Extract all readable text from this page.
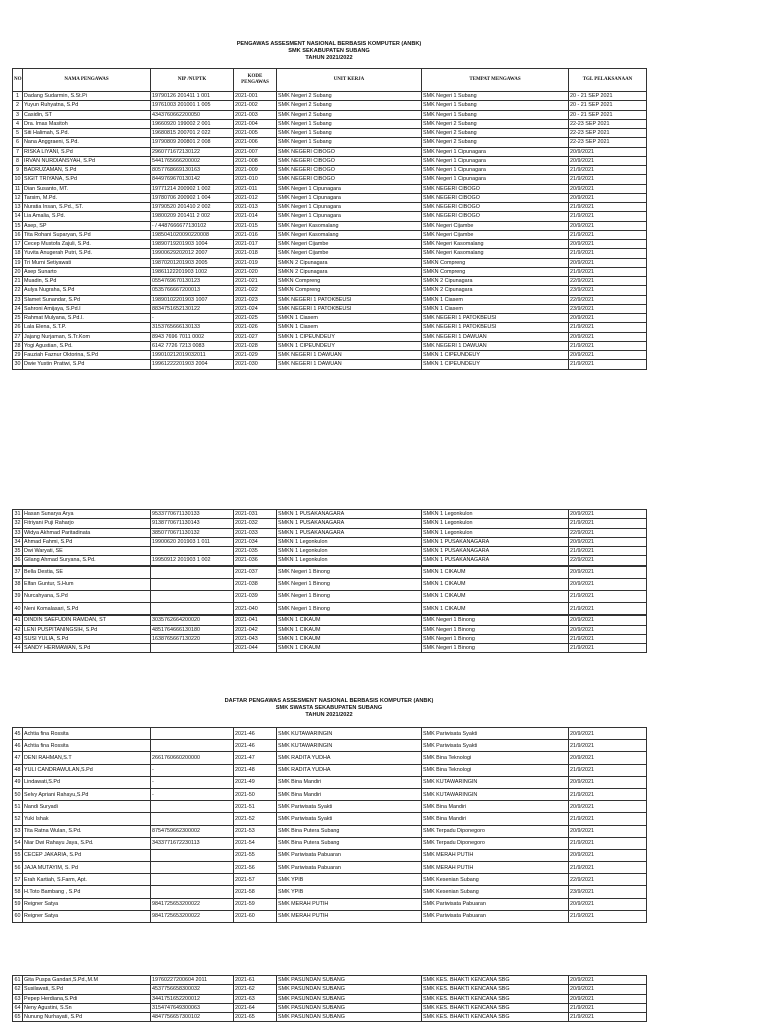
PENGAWAS ASSESMENT NASIONAL BERBASIS KOMPUTER (ANBK)
SMK SEKABUPATEN SUBANG
TAHUN 2021/2022
NO	NAMA PENGAWAS	NIP /NUPTK	KODE PENGAWAS	UNIT KERJA	TEMPAT MENGAWAS	TGL PELAKSANAAN
1	Dadang Sudarmin, S.St.Pi	19790126 201411 1 001	2021-001	SMK Negeri 2 Subang	SMK Negeri 1 Subang	20 - 21 SEP 2021
2	Yuyun Ruhyatna, S.Pd	19761003 201001 1 005	2021-002	SMK Negeri 2 Subang	SMK Negeri 1 Subang	20 - 21 SEP 2021
3	Casidin, ST	4343760662200050	2021-003	SMK Negeri 2 Subang	SMK Negeri 1 Subang	20 - 21 SEP 2021
4	Dra. Imas Masitoh	19660920 199002 2 001	2021-004	SMK Negeri 1 Subang	SMK Negeri 2 Subang	22-23 SEP 2021
5	Siti Halimah, S.Pd.	19680815 200701 2 022	2021-005	SMK Negeri 1 Subang	SMK Negeri 2 Subang	22-23 SEP 2021
6	Nana Anggraeni, S.Pd.	19790809 200801 2 008	2021-006	SMK Negeri 1 Subang	SMK Negeri 2 Subang	22-23 SEP 2021
7	RISKA LIYANI, S.Pd	2960771672130122	2021-007	SMK NEGERI CIBOGO	SMK Negeri 1 Cipunagara	20/9/2021
8	IRVAN NURDIANSYAH, S.Pd	5441765666200002	2021-008	SMK NEGERI CIBOGO	SMK Negeri 1 Cipunagara	20/9/2021
9	BADRUZAMAN, S.Pd	8057768669130163	2021-009	SMK NEGERI CIBOGO	SMK Negeri 1 Cipunagara	21/9/2021
10	SIGIT TRIYANA, S.Pd	8449769670130142	2021-010	SMK NEGERI CIBOGO	SMK Negeri 1 Cipunagara	21/9/2021
11	Dian Susanto, MT.	19771214 200902 1 002	2021-011	SMK Negeri 1 Cipunagara	SMK NEGERI CIBOGO	20/9/2021
12	Tarsim, M.Pd.	19780706 200902 1 004	2021-012	SMK Negeri 1 Cipunagara	SMK NEGERI CIBOGO	20/9/2021
13	Nuratia Insan, S.Pd., ST.	19790520 201410 2 002	2021-013	SMK Negeri 1 Cipunagara	SMK NEGERI CIBOGO	21/9/2021
14	Lia Amalia, S.Pd.	19800209 201411 2 002	2021-014	SMK Negeri 1 Cipunagara	SMK NEGERI CIBOGO	21/9/2021
15	Asep, SP	- / 4487666677130102	2021-015	SMK Negeri Kasomalang	SMK Negeri Cijambe	20/9/2021
16	Tita Rohani Suparyan, S.Pd	1985041020090220008	2021-016	SMK Negeri Kasomalang	SMK Negeri Cijambe	21/9/2021
17	Cecep Mustofa Zajuli, S.Pd.	19890719201903 1004	2021-017	SMK Negeri Cijambe	SMK Negeri Kasomalang	20/9/2021
18	Yuvita Anugerah Putri, S.Pd.	19900629202012 2007	2021-018	SMK Negeri Cijambe	SMK Negeri Kasomalang	21/9/2021
19	Tri Murni Setiyawati	19870201201903 2005	2021-019	SMKN 2 Cipunagara	SMKN Compreng	20/9/2021
20	Asep Sunarto	19861122201903 1002	2021-020	SMKN 2 Cipunagara	SMKN Compreng	21/9/2021
21	Muadin, S.Pd	0554769670130123	2021-021	SMKN Compreng	SMKN 2 Cipunagara	22/9/2021
22	Aulya Nugraha, S.Pd	0535766667200013	2021-022	SMKN Compreng	SMKN 2 Cipunagara	23/9/2021
23	Slamet Sunandar, S.Pd	19890102201903 1007	2021-023	SMK NEGERI 1 PATOKBEUSI	SMKN 1 Ciasem	22/9/2021
24	Sahroni Amijaya, S.Pd.I	8834751652130122	2021-024	SMK NEGERI 1 PATOKBEUSI	SMKN 1 Ciasem	23/9/2021
25	Rahmat Mulyana, S.Pd.I.	-	2021-025	SMKN 1 Ciasem	SMK NEGERI 1 PATOKBEUSI	20/9/2021
26	Lala Elena, S.T.P.	3153765666130133	2021-026	SMKN 1 Ciasem	SMK NEGERI 1 PATOKBEUSI	21/9/2021
27	Jajang Nurjaman, S.Tr.Kom	8943 7696 7011 0002	2021-027	SMKN 1 CIPEUNDEUY	SMK NEGERI 1 DAWUAN	20/9/2021
28	Yogi Agustian, S.Pd.	6142 7726 7213 0083	2021-028	SMKN 1 CIPEUNDEUY	SMK NEGERI 1 DAWUAN	21/9/2021
29	Fauziah Faznur Oktorina, S.Pd	199010212019032011	2021-029	SMK NEGERI 1 DAWUAN	SMKN 1 CIPEUNDEUY	20/9/2021
30	Dwie Yustin Pratiwi, S.Pd	19961222201903 2004	2021-030	SMK NEGERI 1 DAWUAN	SMKN 1 CIPEUNDEUY	21/9/2021
31	Hasan Sunarya Arya	9533770671130133	2021-031	SMKN 1 PUSAKANAGARA	SMKN 1 Legonkulon	20/9/2021
32	Fitriyani Puji Raharjo	9138770671130143	2021-032	SMKN 1 PUSAKANAGARA	SMKN 1 Legonkulon	21/9/2021
33	Widya Akhmad Paritadinata	3850770671130132	2021-033	SMKN 1 PUSAKANAGARA	SMKN 1 Legonkulon	22/9/2021
34	Ahmad Fahmi, S.Pd	19900620 201903 1 011	2021-034	SMKN 1 Legonkulon	SMKN 1 PUSAKANAGARA	20/9/2021
35	Dwi Waryati, SE		2021-035	SMKN 1 Legonkulon	SMKN 1 PUSAKANAGARA	21/9/2021
36	Gilang Ahmad Suryana, S.Pd.	19950912 201903 1 002	2021-036	SMKN 1 Legonkulon	SMKN 1 PUSAKANAGARA	22/9/2021
37	Bella Destia, SE		2021-037	SMK Negeri 1 Binong	SMKN 1 CIKAUM	20/9/2021
38	Elfan Guntur, S.Hum		2021-038	SMK Negeri 1 Binong	SMKN 1 CIKAUM	20/9/2021
39	Nurcahyana, S.Pd		2021-039	SMK Negeri 1 Binong	SMKN 1 CIKAUM	21/9/2021
40	Neni Komalasari, S.Pd		2021-040	SMK Negeri 1 Binong	SMKN 1 CIKAUM	21/9/2021
41	DINDIN SAEFUDIN RAMDAN, ST	3035762664200020	2021-041	SMKN 1 CIKAUM	SMK Negeri 1 Binong	20/9/2021
42	LENI PUSPITANINGSIH, S.Pd	4851764666130180	2021-042	SMKN 1 CIKAUM	SMK Negeri 1 Binong	20/9/2021
43	SUSI YULIA, S.Pd	1638765667130220	2021-043	SMKN 1 CIKAUM	SMK Negeri 1 Binong	21/9/2021
44	SANDY HERMAWAN, S.Pd		2021-044	SMKN 1 CIKAUM	SMK Negeri 1 Binong	21/9/2021
DAFTAR PENGAWAS ASSESMENT NASIONAL BERBASIS KOMPUTER (ANBK)
SMK SWASTA SEKABUPATEN SUBANG
TAHUN 2021/2022
45	Achtia fina Rossita		2021-46	SMK KUTAWARINGIN	SMK Pariwisata Syakti	20/9/2021
46	Achtia fina Rossita		2021-46	SMK KUTAWARINGIN	SMK Pariwisata Syakti	21/9/2021
47	DENI RAHMAN,S.T	2661760660200000	2021-47	SMK RADITA YUDHA	SMK Bina Teknologi	20/9/2021
48	YULI CANDRAWULAN,S.Pd	-	2021-48	SMK RADITA YUDHA	SMK Bina Teknologi	21/9/2021
49	Lindawati,S.Pd	-	2021-49	SMK Bina Mandiri	SMK KUTAWARINGIN	20/9/2021
50	Selvy Apriani Rahayu,S.Pd	-	2021-50	SMK Bina Mandiri	SMK KUTAWARINGIN	21/9/2021
51	Nandi Suryadi		2021-51	SMK Pariwisata Syakti	SMK Bina Mandiri	20/9/2021
52	Yuki Ishak		2021-52	SMK Pariwisata Syakti	SMK Bina Mandiri	21/9/2021
53	Tita Ratna Wulan, S.Pd.	8754759662300002	2021-53	SMK Bina Putera Subang	SMK Terpadu Diponegoro	20/9/2021
54	Niar Dwi Rahayu Jaya, S.Pd.	3433771672230113	2021-54	SMK Bina Putera Subang	SMK Terpadu Diponegoro	21/9/2021
55	CECEP JAKARIA, S.Pd		2021-55	SMK Pariwisata Pabuaran	SMK MERAH PUTIH	20/9/2021
56	JAJA MUTAYIM, S. Pd		2021-56	SMK Pariwisata Pabuaran	SMK MERAH PUTIH	21/9/2021
57	Erah Kartiah, S.Farm, Apt.		2021-57	SMK YPIB	SMK Kesenian Subang	22/9/2021
58	H.Toto Bambang , S.Pd		2021-58	SMK YPIB	SMK Kesenian Subang	23/9/2021
59	Reigner Satya	9841725653200022	2021-59	SMK MERAH PUTIH	SMK Pariwisata Pabuaran	20/9/2021
60	Reigner Satya	9841725653200022	2021-60	SMK MERAH PUTIH	SMK Pariwisata Pabuaran	21/9/2021
61	Gita Puspa Gandari,S.Pd.,M.M	19760227200604 2011	2021-61	SMK PASUNDAN SUBANG	SMK KES. BHAKTI KENCANA SBG	20/9/2021
62	Susilawati, S.Pd	4537756658300032	2021-62	SMK PASUNDAN SUBANG	SMK KES. BHAKTI KENCANA SBG	20/9/2021
63	Pepep Herdiana,S.Pdi	3441751652200012	2021-63	SMK PASUNDAN SUBANG	SMK KES. BHAKTI KENCANA SBG	20/9/2021
64	Neny Agustini, S.Sn	3154747649300063	2021-64	SMK PASUNDAN SUBANG	SMK KES. BHAKTI KENCANA SBG	21/9/2021
65	Nunung Nurhayati, S.Pd	4847756657300102	2021-65	SMK PASUNDAN SUBANG	SMK KES. BHAKTI KENCANA SBG	21/9/2021
